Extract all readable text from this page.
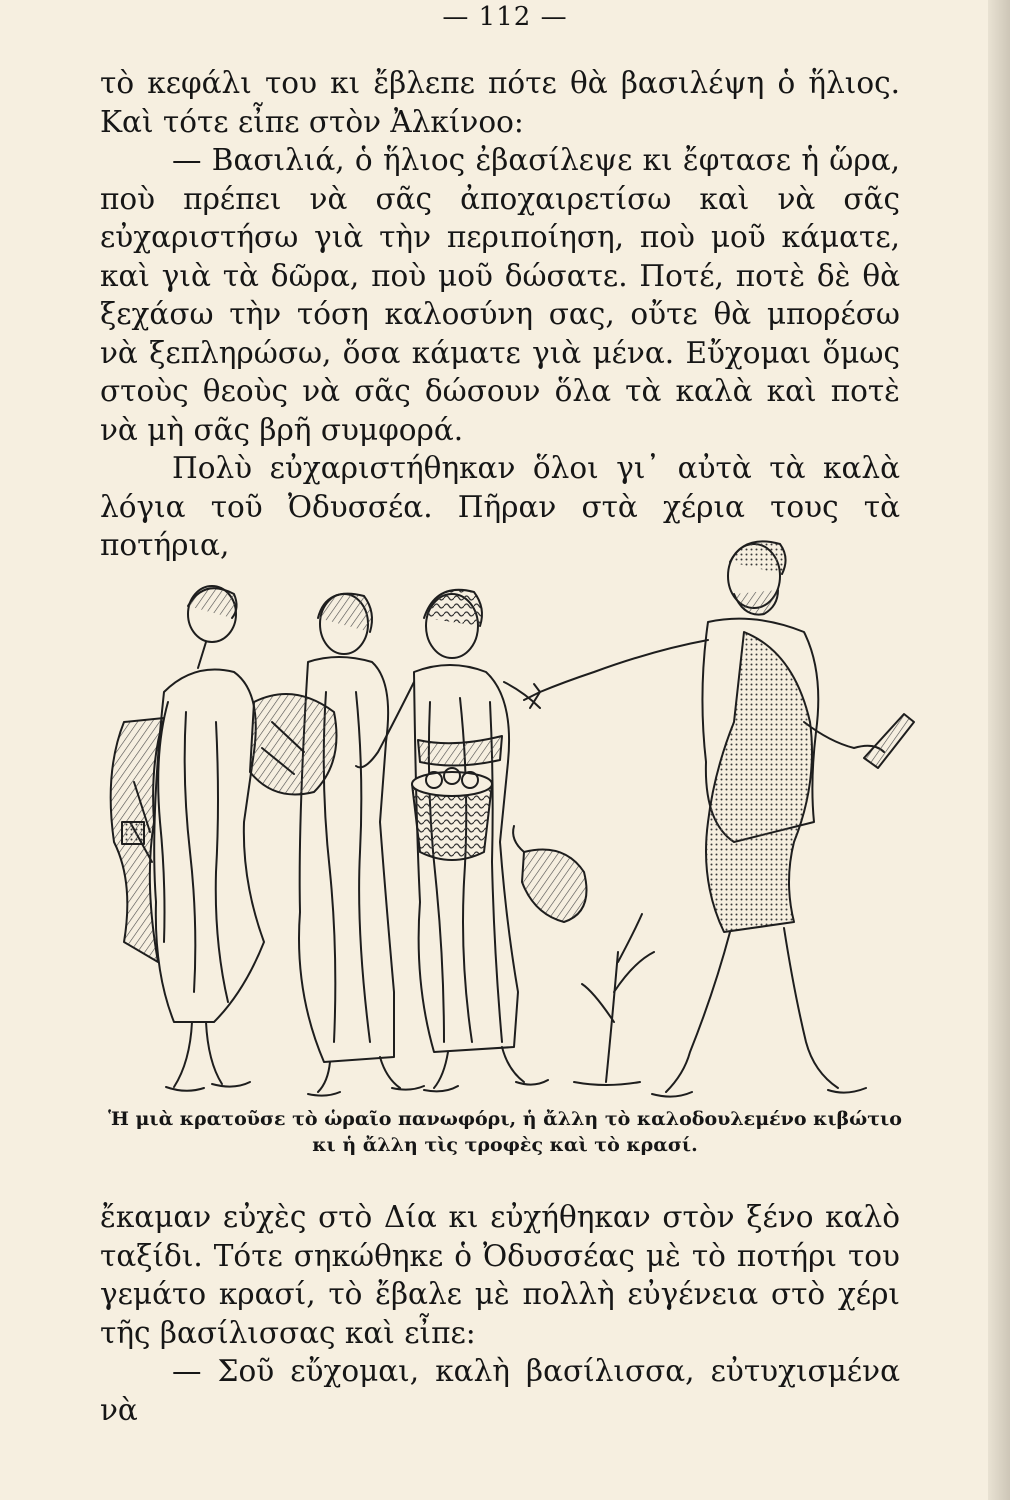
— 112 —

τὸ κεφάλι του κι ἔβλεπε πότε θὰ βασιλέψη ὁ ἥλιος. Καὶ τότε εἶπε στὸν Ἀλκίνοο:

— Βασιλιά, ὁ ἥλιος ἐβασίλεψε κι ἔφτασε ἡ ὥρα, ποὺ πρέπει νὰ σᾶς ἀποχαιρετίσω καὶ νὰ σᾶς εὐχαριστήσω γιὰ τὴν περιποίηση, ποὺ μοῦ κάματε, καὶ γιὰ τὰ δῶρα, ποὺ μοῦ δώσατε. Ποτέ, ποτὲ δὲ θὰ ξεχάσω τὴν τόση καλοσύνη σας, οὔτε θὰ μπορέσω νὰ ξεπληρώσω, ὅσα κάματε γιὰ μένα. Εὔχομαι ὅμως στοὺς θεοὺς νὰ σᾶς δώσουν ὅλα τὰ καλὰ καὶ ποτὲ νὰ μὴ σᾶς βρῆ συμφορά.

Πολὺ εὐχαριστήθηκαν ὅλοι γι᾽ αὐτὰ τὰ καλὰ λόγια τοῦ Ὀδυσσέα. Πῆραν στὰ χέρια τους τὰ ποτήρια,

Ἡ μιὰ κρατοῦσε τὸ ὡραῖο πανωφόρι, ἡ ἄλλη τὸ καλοδουλεμένο κιβώτιο κι ἡ ἄλλη τὶς τροφὲς καὶ τὸ κρασί.

ἔκαμαν εὐχὲς στὸ Δία κι εὐχήθηκαν στὸν ξένο καλὸ ταξίδι. Τότε σηκώθηκε ὁ Ὀδυσσέας μὲ τὸ ποτήρι του γεμάτο κρασί, τὸ ἔβαλε μὲ πολλὴ εὐγένεια στὸ χέρι τῆς βασίλισσας καὶ εἶπε:

— Σοῦ εὔχομαι, καλὴ βασίλισσα, εὐτυχισμένα νὰ
